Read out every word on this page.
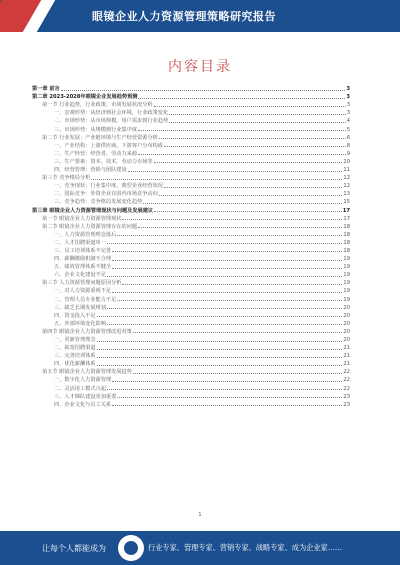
眼镜企业人力资源管理策略研究报告
内容目录
第一章 前言	3
第二章 2023-2028年眼镜企业发展趋势预测	3
第一节 行业趋势，行业政策，市场发展状况分析	3
一、宏观形势：从经济到社会环境，行业政策变化	3
二、市场形势：从市场规模，用户需求到行业趋势	4
三、市场形势：从规模到行业集中度	5
第二节 行业发展：产业链环境与生产经营资源分析	6
一、产业结构：上游供应商、下游客户分布构成	8
二、生产经营：经营者、劳动力来源	9
三、生产要素：资本、技术、劳动力市场等	10
四、经营管理：营销与团队建设	11
第三节 竞争格局分析	12
一、竞争现状：行业集中度、典型企业经营状况	12
二、国际竞争：外资企业在国内市场竞争动向	13
三、竞争趋势：竞争格局发展变化趋势	15
第三章 眼镜企业人力资源管理现状与问题及发展建议	17
第一节 眼镜企业人力资源管理现状	17
第二节 眼镜企业人力资源管理存在的问题	18
一、人力资源管理理念落后	18
二、人才招聘渠道单一	18
三、员工培训体系不完善	18
四、薪酬激励机制不合理	19
五、绩效管理体系不健全	19
六、企业文化建设不足	19
第三节 人力资源管理问题原因分析	19
一、对人力资源重视不足	19
二、管理人员专业能力不足	19
三、缺乏长期发展规划	20
四、资金投入不足	20
五、外部环境变化影响	20
第四节 眼镜企业人力资源管理改进对策	20
一、更新管理理念	20
二、拓宽招聘渠道	21
三、完善培训体系	21
四、优化薪酬体系	21
第五节 眼镜企业人力资源管理发展趋势	22
一、数字化人力资源管理	22
二、灵活用工模式兴起	22
三、人才梯队建设更加重要	23
四、企业文化与员工关系	23
1
让每个人都能成为	行业专家、管理专家、营销专家、战略专家、成为企业家……
